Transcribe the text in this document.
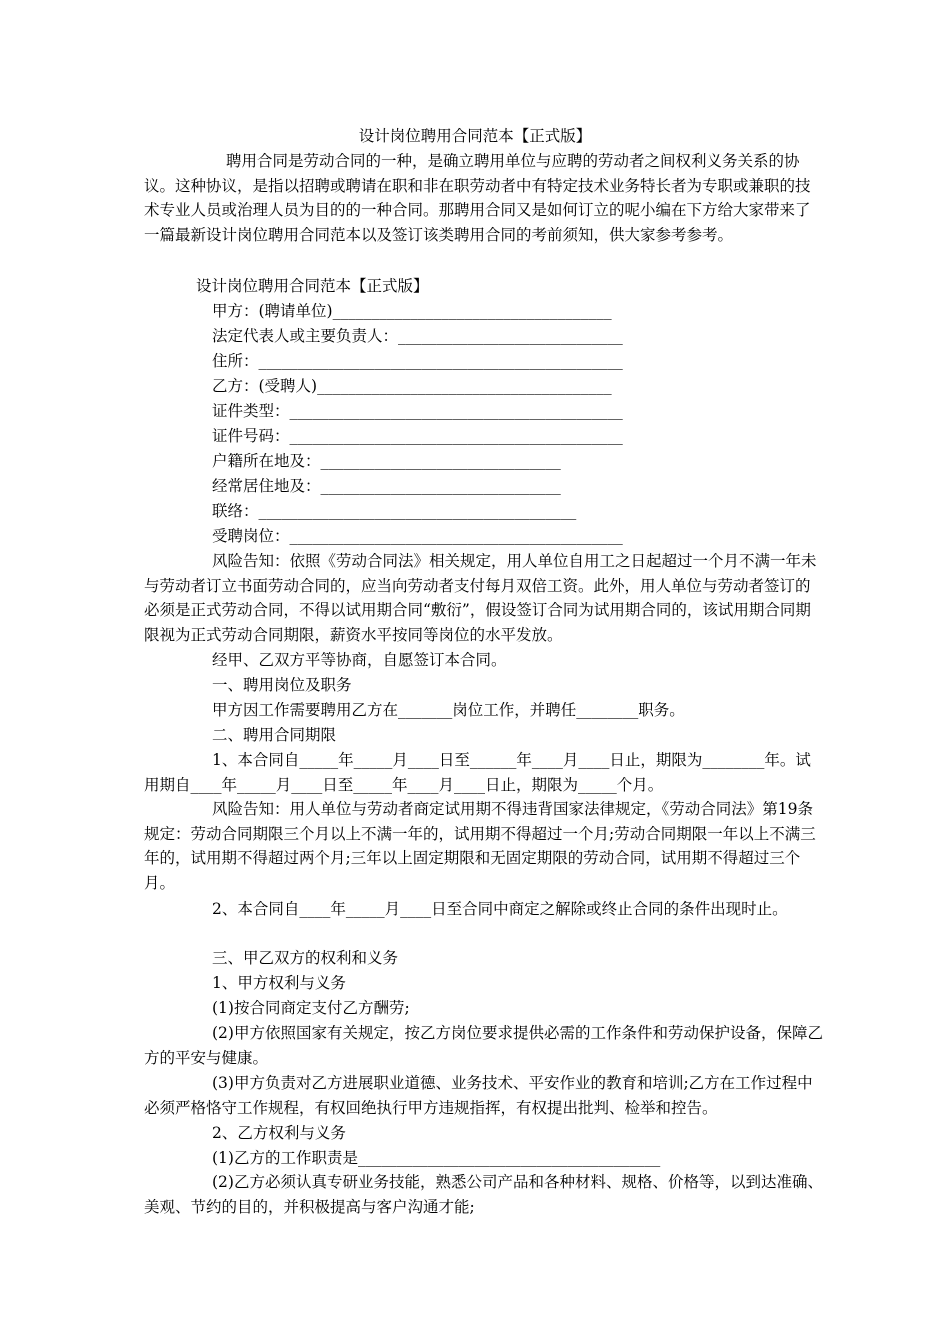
设计岗位聘用合同范本【正式版】

聘用合同是劳动合同的一种，是确立聘用单位与应聘的劳动者之间权利义务关系的协议。这种协议，是指以招聘或聘请在职和非在职劳动者中有特定技术业务特长者为专职或兼职的技术专业人员或治理人员为目的的一种合同。那聘用合同又是如何订立的呢小编在下方给大家带来了一篇最新设计岗位聘用合同范本以及签订该类聘用合同的考前须知，供大家参考参考。

设计岗位聘用合同范本【正式版】
甲方：(聘请单位)____________________________________
法定代表人或主要负责人：_____________________________
住所：_______________________________________________
乙方：(受聘人)______________________________________
证件类型：___________________________________________
证件号码：___________________________________________
户籍所在地及：_______________________________
经常居住地及：_______________________________
联络：_________________________________________
受聘岗位：___________________________________________

风险告知：依照《劳动合同法》相关规定，用人单位自用工之日起超过一个月不满一年未与劳动者订立书面劳动合同的，应当向劳动者支付每月双倍工资。此外，用人单位与劳动者签订的必须是正式劳动合同，不得以试用期合同“敷衍”，假设签订合同为试用期合同的，该试用期合同期限视为正式劳动合同期限，薪资水平按同等岗位的水平发放。

经甲、乙双方平等协商，自愿签订本合同。
一、聘用岗位及职务
甲方因工作需要聘用乙方在_______岗位工作，并聘任________职务。
二、聘用合同期限

1、本合同自_____年_____月____日至______年____月____日止，期限为________年。试用期自____年_____月____日至_____年____月____日止，期限为_____个月。

风险告知：用人单位与劳动者商定试用期不得违背国家法律规定，《劳动合同法》第19条规定：劳动合同期限三个月以上不满一年的，试用期不得超过一个月;劳动合同期限一年以上不满三年的，试用期不得超过两个月;三年以上固定期限和无固定期限的劳动合同，试用期不得超过三个月。

2、本合同自____年_____月____日至合同中商定之解除或终止合同的条件出现时止。

三、甲乙双方的权利和义务
1、甲方权利与义务
(1)按合同商定支付乙方酬劳;

(2)甲方依照国家有关规定，按乙方岗位要求提供必需的工作条件和劳动保护设备，保障乙方的平安与健康。

(3)甲方负责对乙方进展职业道德、业务技术、平安作业的教育和培训;乙方在工作过程中必须严格恪守工作规程，有权回绝执行甲方违规指挥，有权提出批判、检举和控告。

2、乙方权利与义务
(1)乙方的工作职责是_______________________________________

(2)乙方必须认真专研业务技能，熟悉公司产品和各种材料、规格、价格等，以到达准确、美观、节约的目的，并积极提高与客户沟通才能;
